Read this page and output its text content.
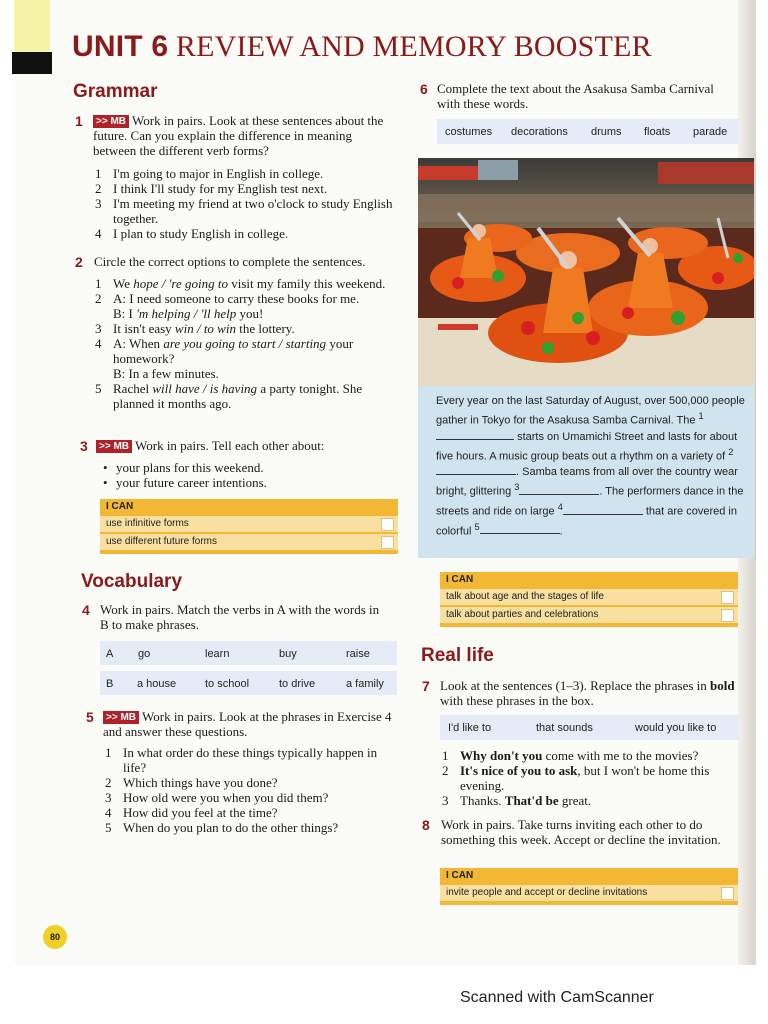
UNIT 6 REVIEW AND MEMORY BOOSTER
Grammar
1	>> MB Work in pairs. Look at these sentences about the future. Can you explain the difference in meaning between the different verb forms?
1 I'm going to major in English in college.
2 I think I'll study for my English test next.
3 I'm meeting my friend at two o'clock to study English together.
4 I plan to study English in college.
2 Circle the correct options to complete the sentences.
1 We hope / 're going to visit my family this weekend.
2 A: I need someone to carry these books for me.
B: I 'm helping / 'll help you!
3 It isn't easy win / to win the lottery.
4 A: When are you going to start / starting your homework?
B: In a few minutes.
5 Rachel will have / is having a party tonight. She planned it months ago.
3	>> MB Work in pairs. Tell each other about:
• your plans for this weekend.
• your future career intentions.
I CAN
use infinitive forms
use different future forms
Vocabulary
4 Work in pairs. Match the verbs in A with the words in B to make phrases.
A go	learn	buy	raise
B a house	to school	to drive	a family
5	>> MB Work in pairs. Look at the phrases in Exercise 4 and answer these questions.
1 In what order do these things typically happen in life?
2 Which things have you done?
3 How old were you when you did them?
4 How did you feel at the time?
5 When do you plan to do the other things?
6 Complete the text about the Asakusa Samba Carnival with these words.
costumes decorations drums floats parade

Every year on the last Saturday of August, over 500,000 people gather in Tokyo for the Asakusa Samba Carnival. The $^1$ starts on Umamichi Street and lasts for about five hours. A music group beats out a rhythm on a variety of $^2$. Samba teams from all over the country wear bright, glittering $^3$	. The performers dance in the streets and ride on large $^4$	that are covered in colorful $^5$	.

I CAN
talk about age and the stages of life
talk about parties and celebrations
Real life
7 Look at the sentences (1–3). Replace the phrases in bold with these phrases in the box.
I'd like to	that sounds	would you like to
1 Why don't you come with me to the movies?
2 It's nice of you to ask, but I won't be home this evening.
3 Thanks. That'd be great.
8 Work in pairs. Take turns inviting each other to do something this week. Accept or decline the invitation.
I CAN
invite people and accept or decline invitations
80
Scanned with CamScanner
